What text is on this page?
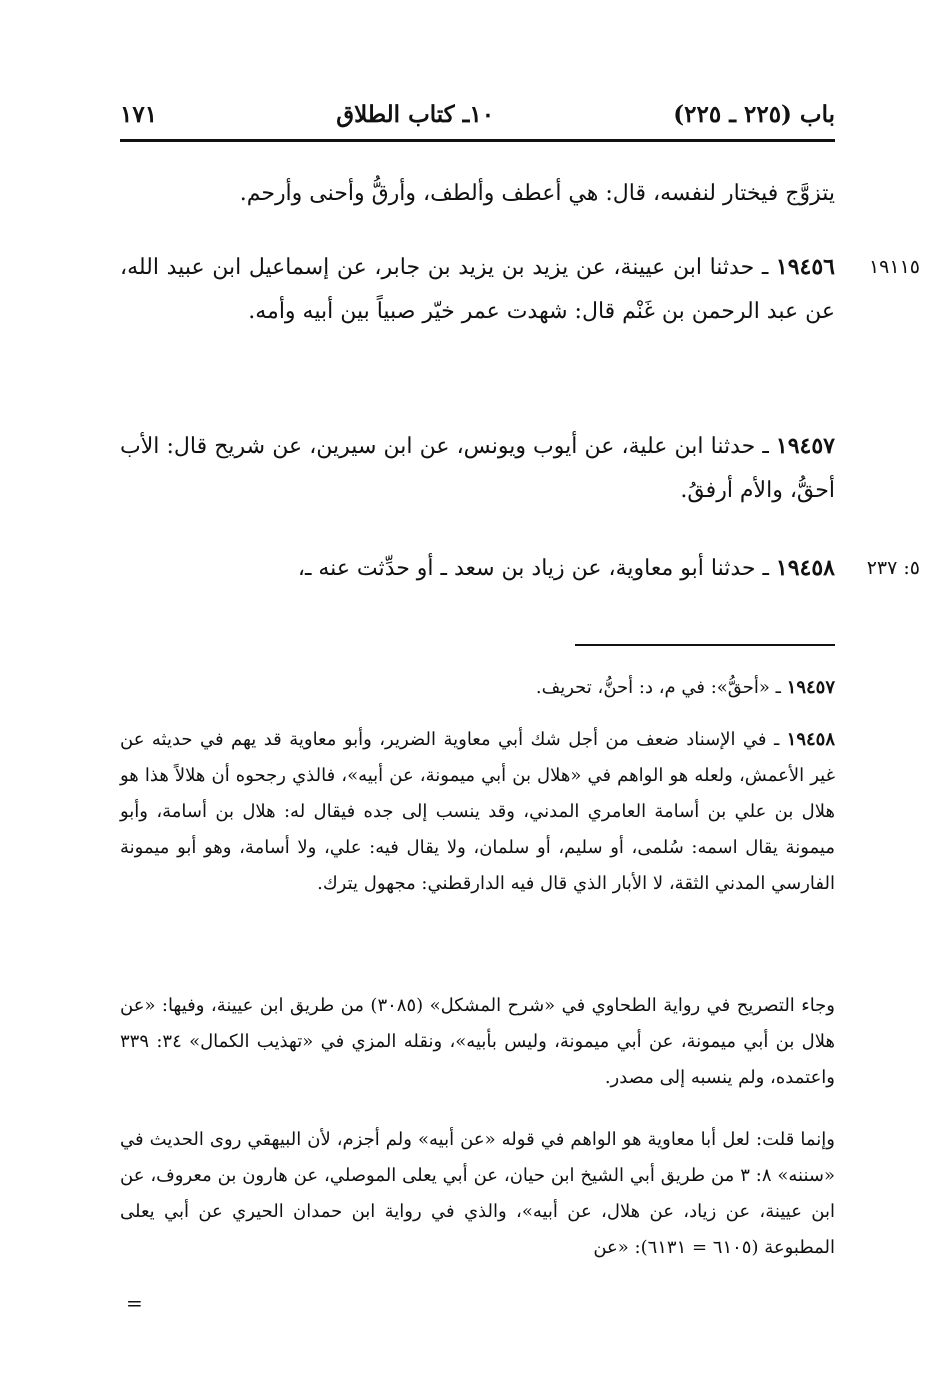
باب (٢٢٥ ـ ٢٢٥)
١٠ـ كتاب الطلاق
١٧١
يتزوَّج فيختار لنفسه، قال: هي أعطف وألطف، وأرقُّ وأحنى وأرحم.
١٩١١٥
١٩٤٥٦ ـ حدثنا ابن عيينة، عن يزيد بن يزيد بن جابر، عن إسماعيل ابن عبيد الله، عن عبد الرحمن بن غَنْم قال: شهدت عمر خيّر صبياً بين أبيه وأمه.
١٩٤٥٧ ـ حدثنا ابن علية، عن أيوب ويونس، عن ابن سيرين، عن شريح قال: الأب أحقُّ، والأم أرفقُ.
٥: ٢٣٧
١٩٤٥٨ ـ حدثنا أبو معاوية، عن زياد بن سعد ـ أو حدِّثت عنه ـ،
١٩٤٥٧ ـ «أحقُّ»: في م، د: أحنُّ، تحريف.
١٩٤٥٨ ـ في الإسناد ضعف من أجل شك أبي معاوية الضرير، وأبو معاوية قد يهم في حديثه عن غير الأعمش، ولعله هو الواهم في «هلال بن أبي ميمونة، عن أبيه»، فالذي رجحوه أن هلالاً هذا هو هلال بن علي بن أسامة العامري المدني، وقد ينسب إلى جده فيقال له: هلال بن أسامة، وأبو ميمونة يقال اسمه: سُلمى، أو سليم، أو سلمان، ولا يقال فيه: علي، ولا أسامة، وهو أبو ميمونة الفارسي المدني الثقة، لا الأبار الذي قال فيه الدارقطني: مجهول يترك.
وجاء التصريح في رواية الطحاوي في «شرح المشكل» (٣٠٨٥) من طريق ابن عيينة، وفيها: «عن هلال بن أبي ميمونة، عن أبي ميمونة، وليس بأبيه»، ونقله المزي في «تهذيب الكمال» ٣٤: ٣٣٩ واعتمده، ولم ينسبه إلى مصدر.
وإنما قلت: لعل أبا معاوية هو الواهم في قوله «عن أبيه» ولم أجزم، لأن البيهقي روى الحديث في «سننه» ٨: ٣ من طريق أبي الشيخ ابن حيان، عن أبي يعلى الموصلي، عن هارون بن معروف، عن ابن عيينة، عن زياد، عن هلال، عن أبيه»، والذي في رواية ابن حمدان الحيري عن أبي يعلى المطبوعة (٦١٠٥ = ٦١٣١): «عن
=
